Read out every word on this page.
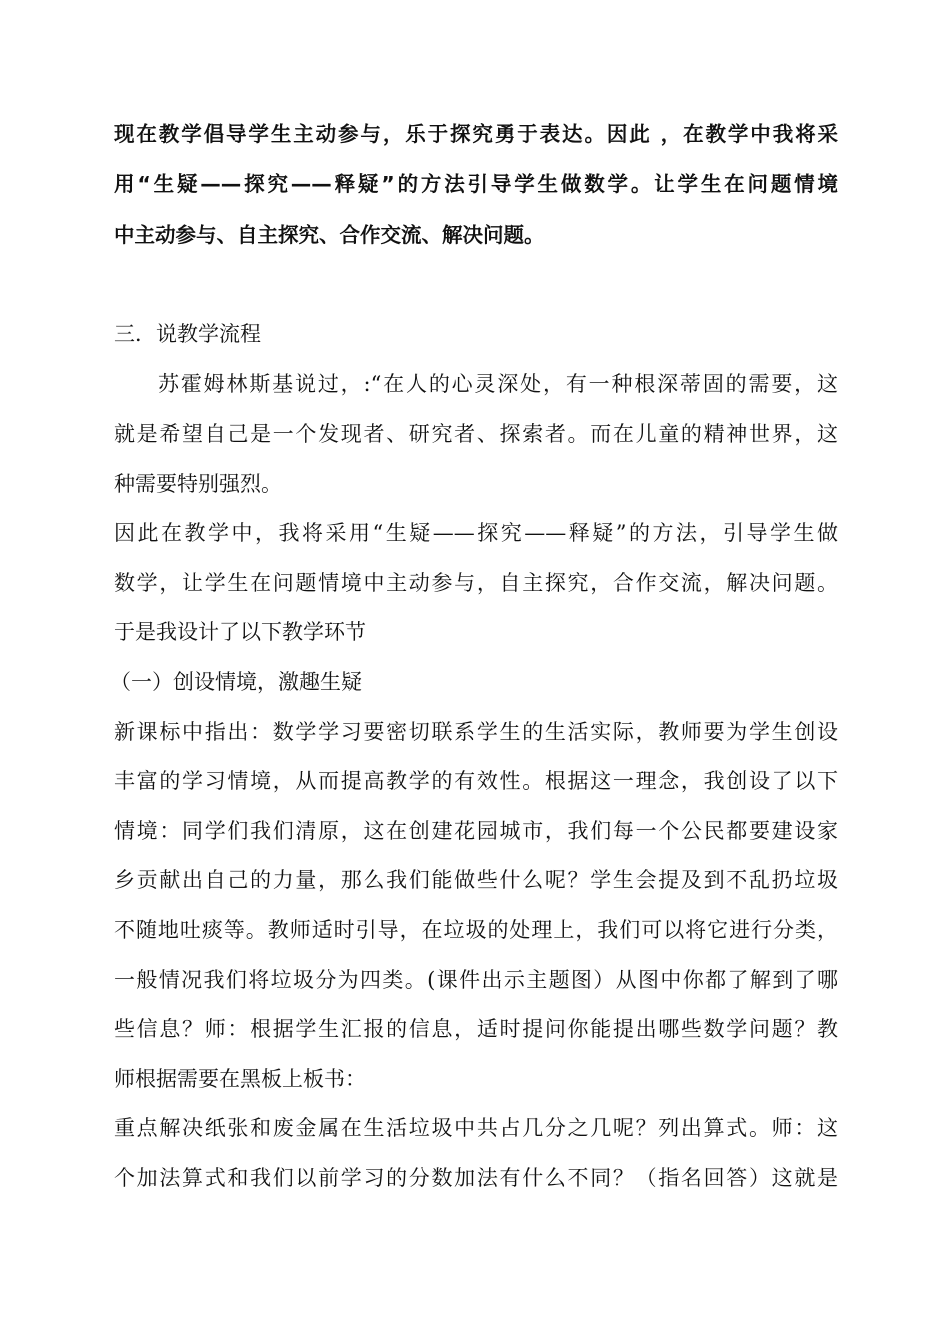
现在教学倡导学生主动参与，乐于探究勇于表达。因此 ，在教学中我将采
用“生疑——探究——释疑”的方法引导学生做数学。让学生在问题情境
中主动参与、自主探究、合作交流、解决问题。
三．说教学流程
苏霍姆林斯基说过，:“在人的心灵深处，有一种根深蒂固的需要，这
就是希望自己是一个发现者、研究者、探索者。而在儿童的精神世界，这
种需要特别强烈。
因此在教学中，我将采用“生疑——探究——释疑”的方法，引导学生做
数学，让学生在问题情境中主动参与，自主探究，合作交流，解决问题。
于是我设计了以下教学环节
（一）创设情境，激趣生疑
新课标中指出：数学学习要密切联系学生的生活实际，教师要为学生创设
丰富的学习情境，从而提高教学的有效性。根据这一理念，我创设了以下
情境：同学们我们清原，这在创建花园城市，我们每一个公民都要建设家
乡贡献出自己的力量，那么我们能做些什么呢？学生会提及到不乱扔垃圾
不随地吐痰等。教师适时引导，在垃圾的处理上，我们可以将它进行分类，
一般情况我们将垃圾分为四类。(课件出示主题图）从图中你都了解到了哪
些信息？师：根据学生汇报的信息，适时提问你能提出哪些数学问题？教
师根据需要在黑板上板书：
重点解决纸张和废金属在生活垃圾中共占几分之几呢？列出算式。师：这
个加法算式和我们以前学习的分数加法有什么不同？（指名回答）这就是
